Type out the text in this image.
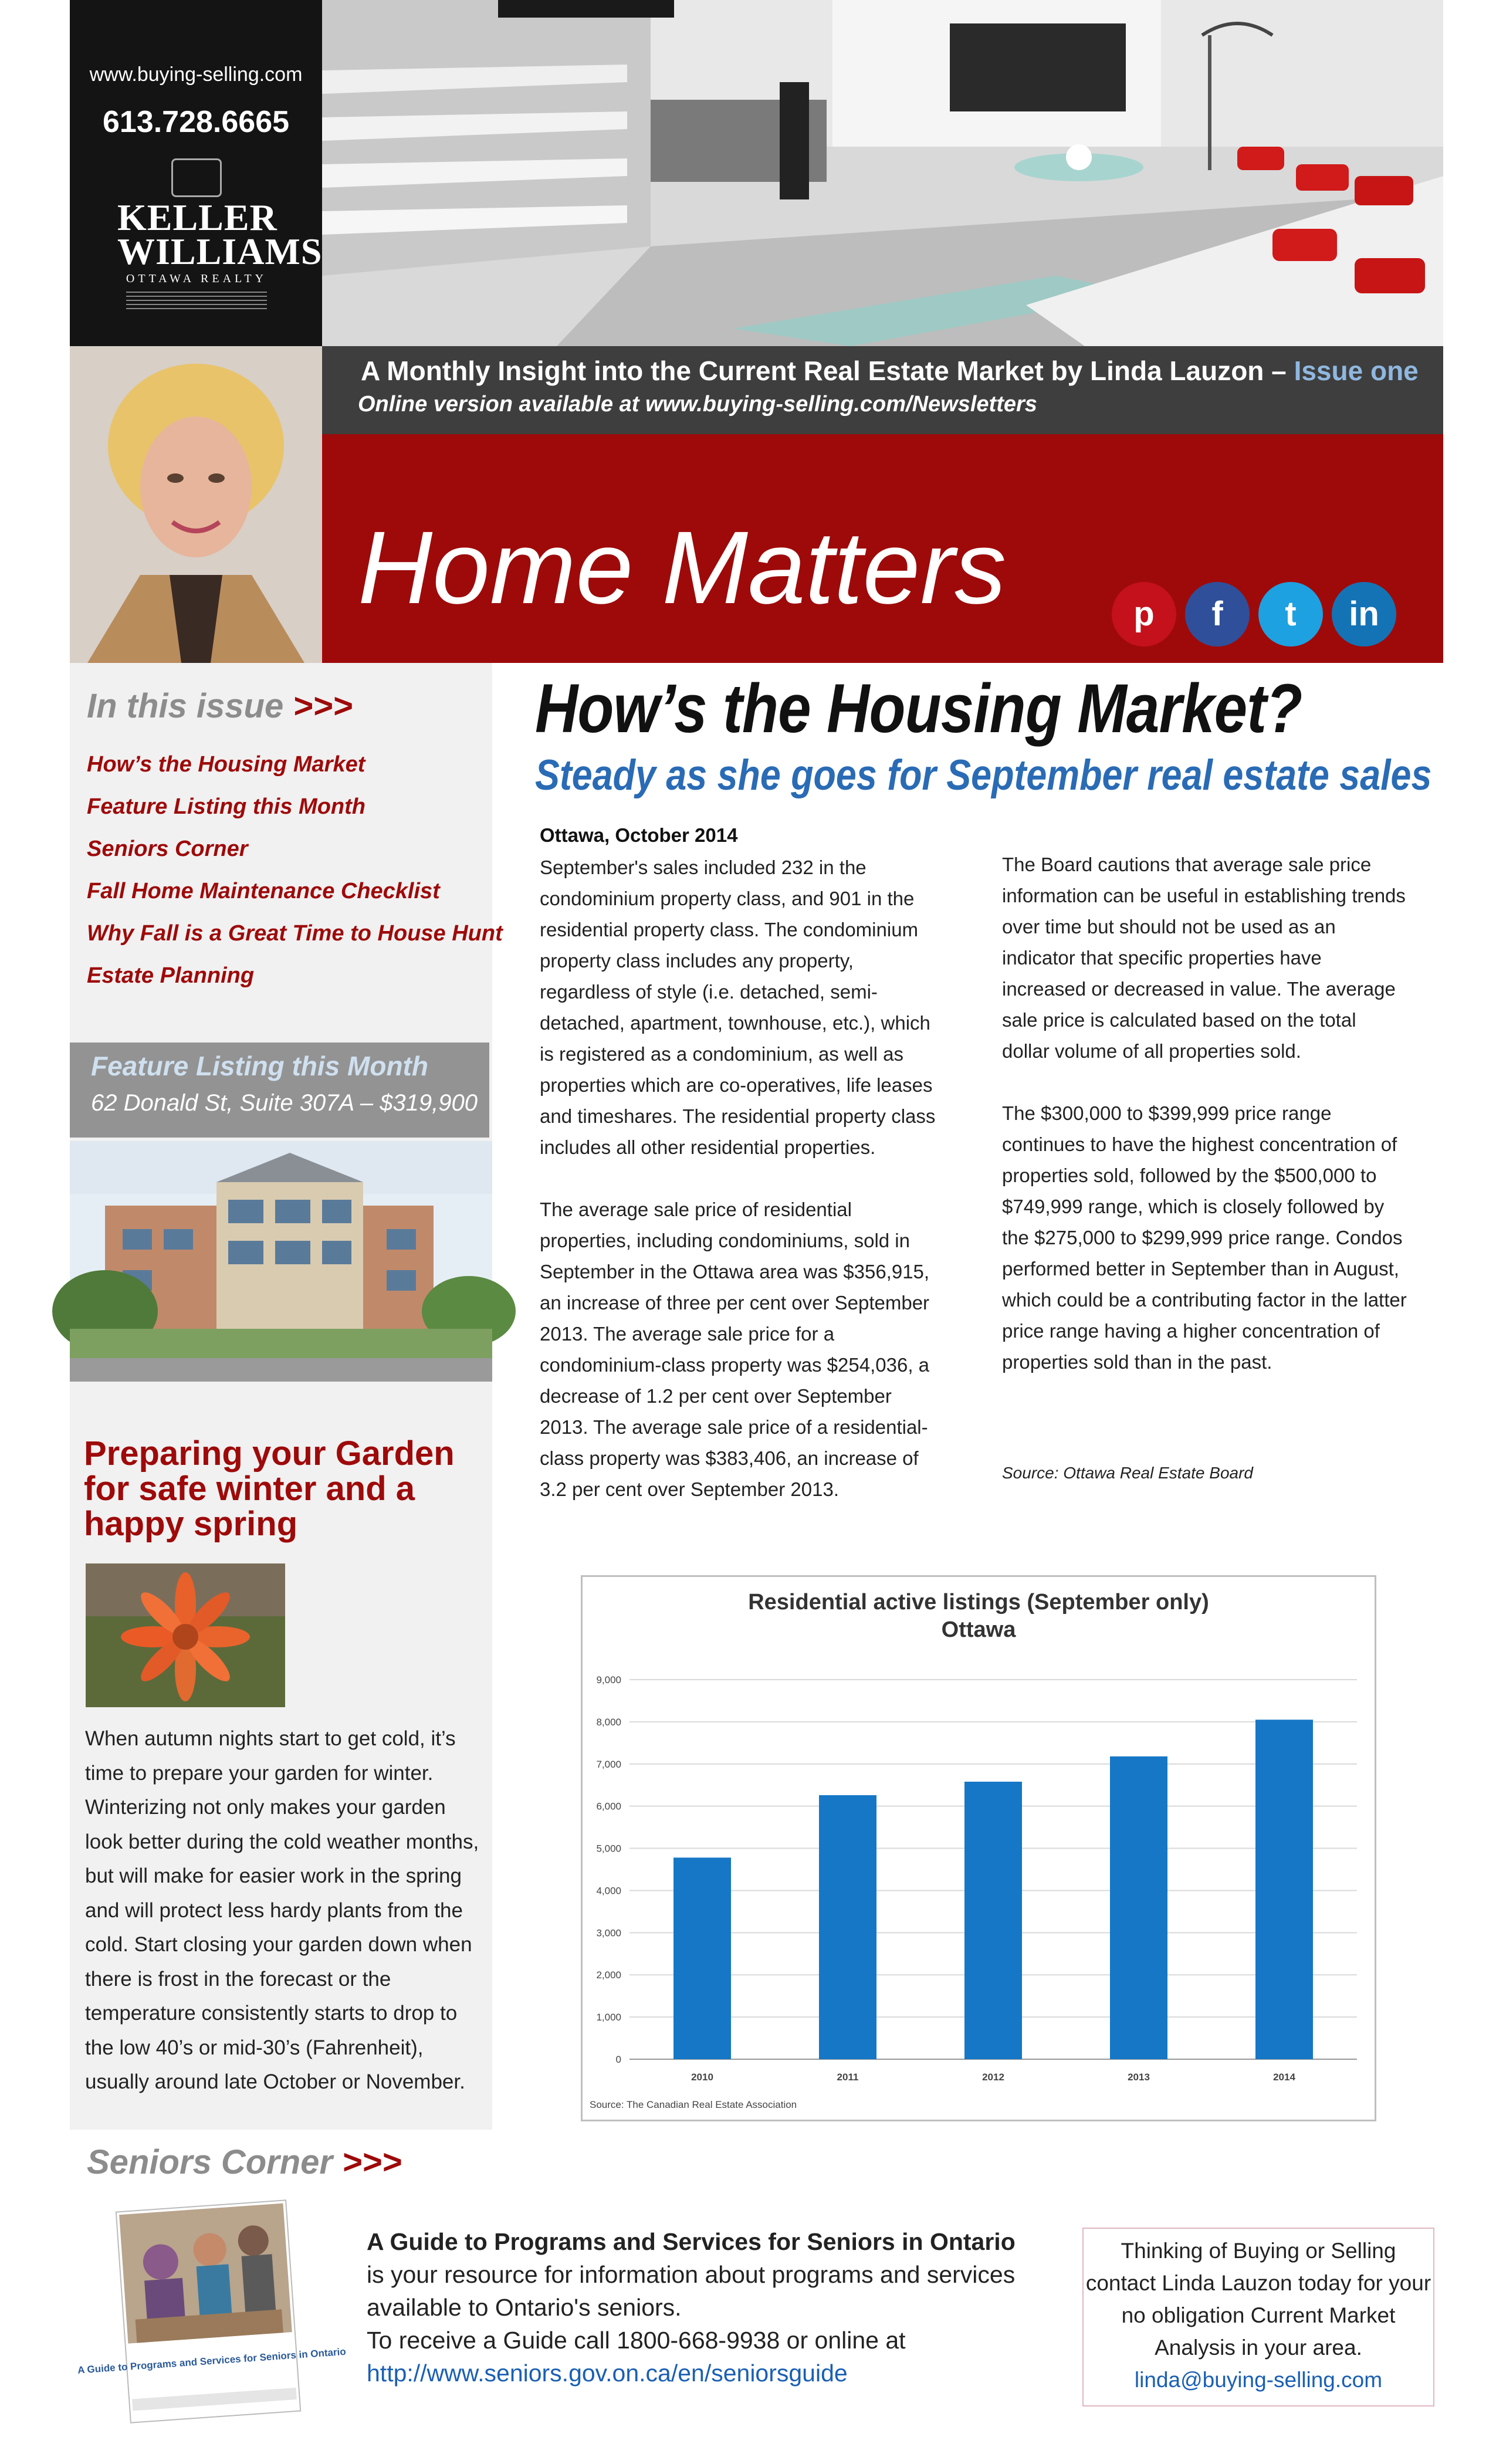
www.buying-selling.com
613.728.6665
KELLER WILLIAMS
OTTAWA REALTY
A Monthly Insight into the Current Real Estate Market by Linda Lauzon – Issue one
Online version available at www.buying-selling.com/Newsletters
Home Matters	p	f	t	in
In this issue >>>
How’s the Housing Market
Feature Listing this Month
Seniors Corner
Fall Home Maintenance Checklist
Why Fall is a Great Time to House Hunt
Estate Planning
Feature Listing this Month
62 Donald St, Suite 307A – $319,900
Preparing your Garden for safe winter and a happy spring
When autumn nights start to get cold, it’s time to prepare your garden for winter. Winterizing not only makes your garden look better during the cold weather months, but will make for easier work in the spring and will protect less hardy plants from the cold. Start closing your garden down when there is frost in the forecast or the temperature consistently starts to drop to the low 40’s or mid-30’s (Fahrenheit), usually around late October or November.
How’s the Housing Market?
Steady as she goes for September real estate sales
Ottawa, October 2014

September's sales included 232 in the condominium property class, and 901 in the residential property class. The condominium property class includes any property, regardless of style (i.e. detached, semi-detached, apartment, townhouse, etc.), which is registered as a condominium, as well as properties which are co-operatives, life leases and timeshares. The residential property class includes all other residential properties.

The average sale price of residential properties, including condominiums, sold in September in the Ottawa area was $356,915, an increase of three per cent over September 2013. The average sale price for a condominium-class property was $254,036, a decrease of 1.2 per cent over September 2013. The average sale price of a residential-class property was $383,406, an increase of 3.2 per cent over September 2013.

The Board cautions that average sale price information can be useful in establishing trends over time but should not be used as an indicator that specific properties have increased or decreased in value. The average sale price is calculated based on the total dollar volume of all properties sold.

The $300,000 to $399,999 price range continues to have the highest concentration of properties sold, followed by the $500,000 to $749,999 range, which is closely followed by the $275,000 to $299,999 price range. Condos performed better in September than in August, which could be a contributing factor in the latter price range having a higher concentration of properties sold than in the past.

Source: Ottawa Real Estate Board
Residential active listings (September only)
Ottawa
0
1,000
2,000
3,000
4,000
5,000
6,000
7,000
8,000
9,000
2010	2011	2012	2013	2014
Source: The Canadian Real Estate Association
Seniors Corner >>>
A Guide to Programs and Services for Seniors in Ontario
A Guide to Programs and Services for Seniors in Ontario
is your resource for information about programs and services available to Ontario's seniors.
To receive a Guide call 1800-668-9938 or online at
http://www.seniors.gov.on.ca/en/seniorsguide
Thinking of Buying or Selling contact Linda Lauzon today for your no obligation Current Market Analysis in your area.
linda@buying-selling.com
